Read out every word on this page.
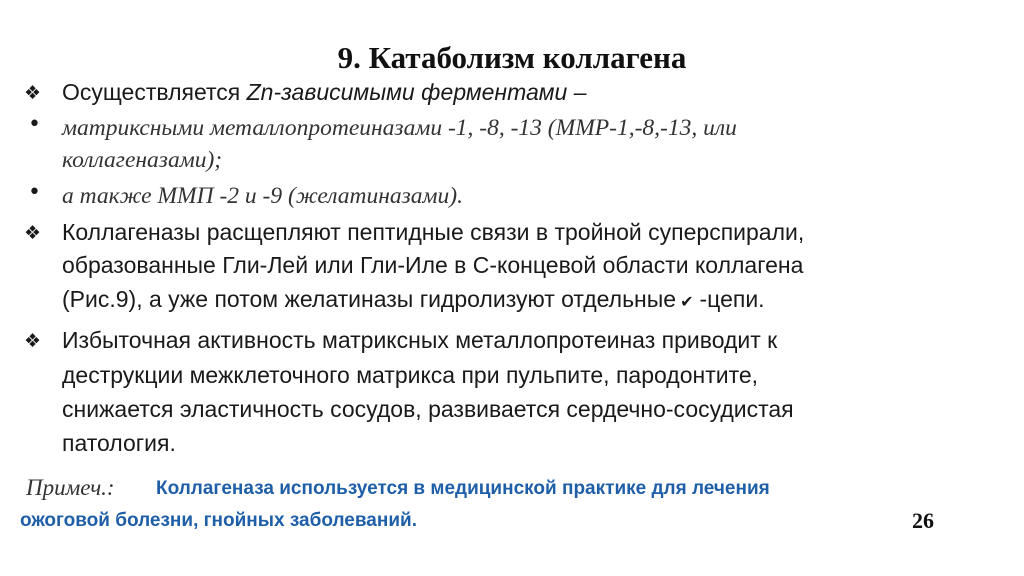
9. Катаболизм коллагена
❖ Осуществляется Zn-зависимыми ферментами –
• матриксными металлопротеиназами -1, -8, -13 (ММР-1,-8,-13, или
коллагеназами);
• а также ММП -2 и -9 (желатиназами).
❖ Коллагеназы расщепляют пептидные связи в тройной суперспирали,
образованные Гли-Лей или Гли-Иле в С-концевой области коллагена
(Рис.9), а уже потом желатиназы гидролизуют отдельные ✔ -цепи.
❖ Избыточная активность матриксных металлопротеиназ приводит к
деструкции межклеточного матрикса при пульпите, пародонтите,
снижается эластичность сосудов, развивается сердечно-сосудистая
патология.
Примеч.: Коллагеназа используется в медицинской практике для лечения
ожоговой болезни, гнойных заболеваний.	26
